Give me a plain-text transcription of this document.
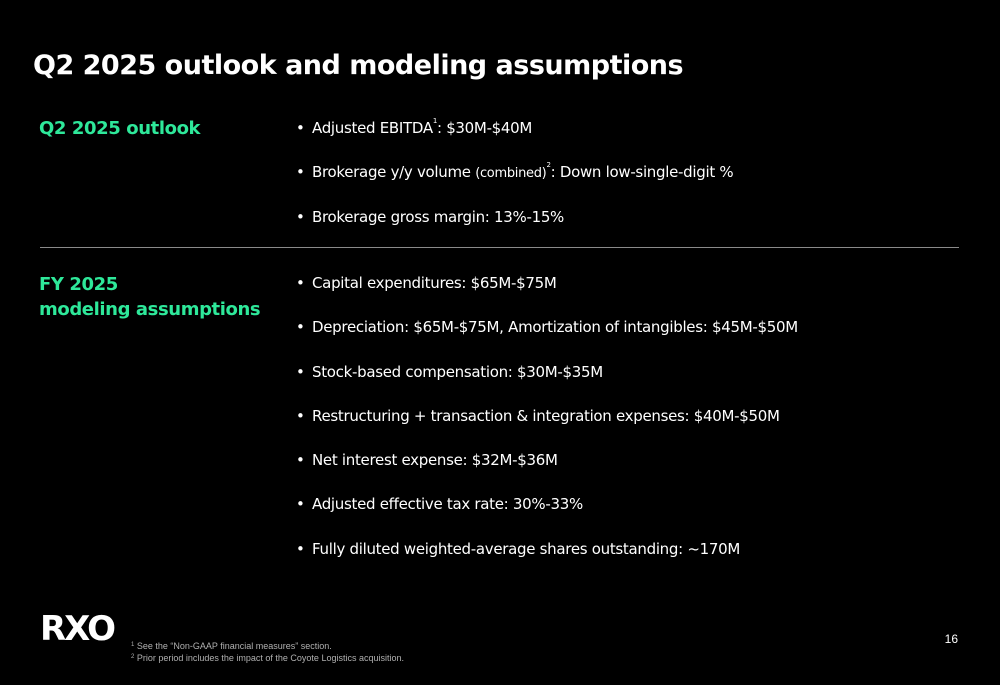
Q2 2025 outlook and modeling assumptions
Q2 2025 outlook	• Adjusted EBITDA$^1$: $30M-$40M
• Brokerage y/y volume (combined)$^2$: Down low-single-digit %
• Brokerage gross margin: 13%-15%
FY 2025
modeling assumptions
• Capital expenditures: $65M-$75M
• Depreciation: $65M-$75M, Amortization of intangibles: $45M-$50M
• Stock-based compensation: $30M-$35M
• Restructuring + transaction & integration expenses: $40M-$50M
• Net interest expense: $32M-$36M
• Adjusted effective tax rate: 30%-33%
• Fully diluted weighted-average shares outstanding: ~170M
RXO	$^1$ See the “Non-GAAP financial measures” section.
$^2$ Prior period includes the impact of the Coyote Logistics acquisition.
16
